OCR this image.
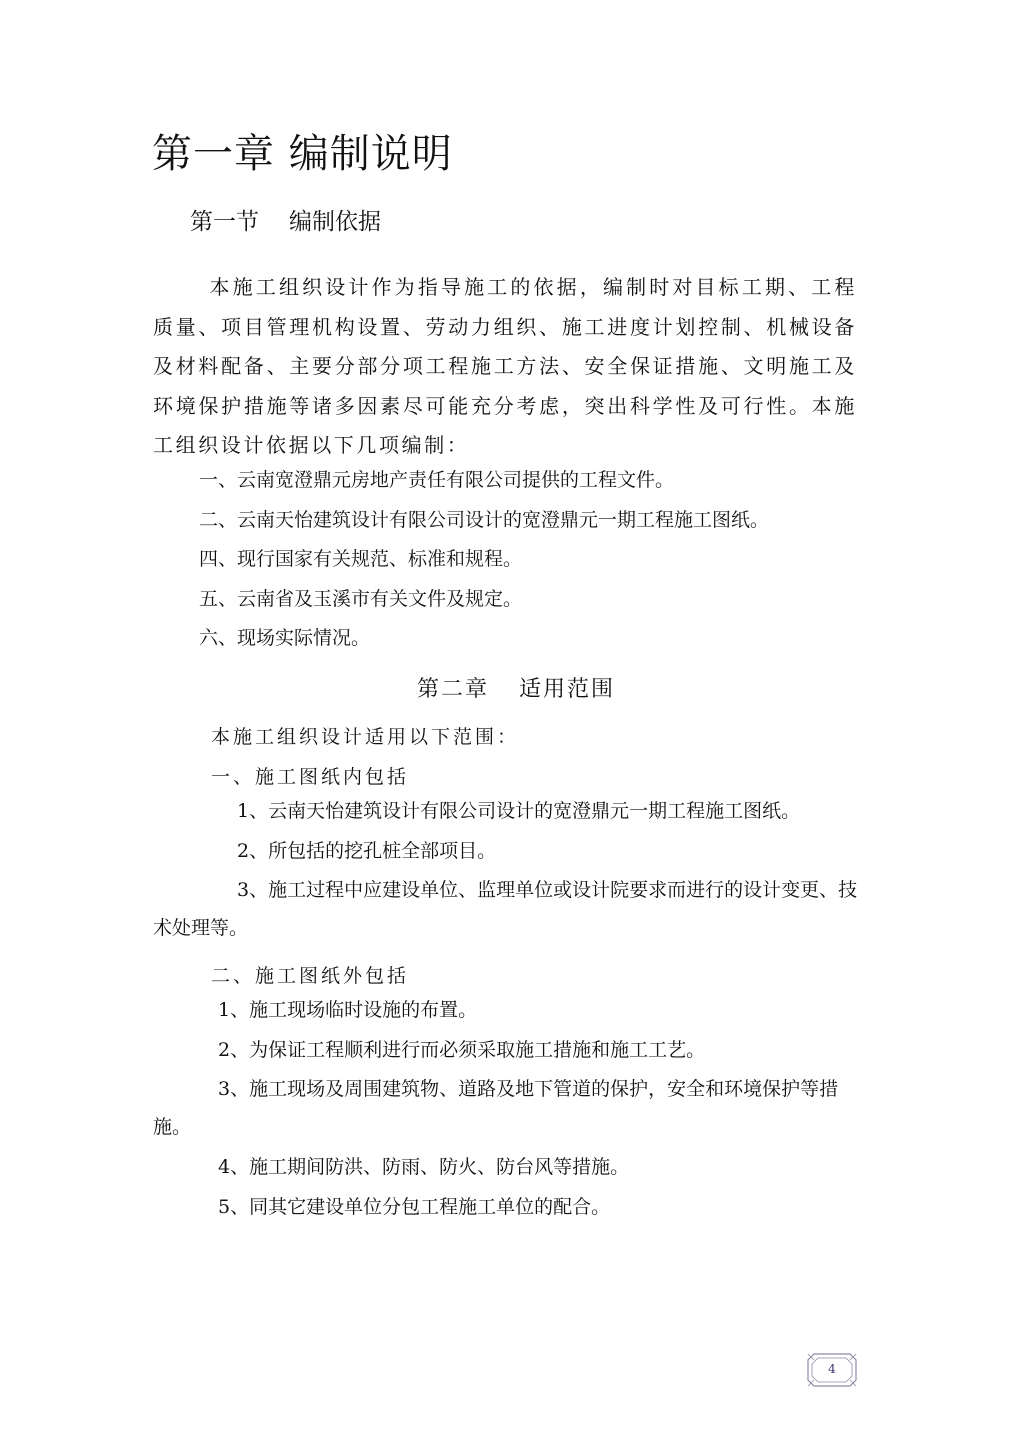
第一章 编制说明
第一节 编制依据

本施工组织设计作为指导施工的依据，编制时对目标工期、工程质量、项目管理机构设置、劳动力组织、施工进度计划控制、机械设备及材料配备、主要分部分项工程施工方法、安全保证措施、文明施工及环境保护措施等诸多因素尽可能充分考虑，突出科学性及可行性。本施工组织设计依据以下几项编制：

一、云南宽澄鼎元房地产责任有限公司提供的工程文件。

二、云南天怡建筑设计有限公司设计的宽澄鼎元一期工程施工图纸。

四、现行国家有关规范、标准和规程。

五、云南省及玉溪市有关文件及规定。

六、现场实际情况。

第二章 适用范围

本施工组织设计适用以下范围：

一、施工图纸内包括

1、云南天怡建筑设计有限公司设计的宽澄鼎元一期工程施工图纸。

2、所包括的挖孔桩全部项目。

3、施工过程中应建设单位、监理单位或设计院要求而进行的设计变更、技术处理等。

二、施工图纸外包括

1、施工现场临时设施的布置。

2、为保证工程顺利进行而必须采取施工措施和施工工艺。

3、施工现场及周围建筑物、道路及地下管道的保护，安全和环境保护等措施。

4、施工期间防洪、防雨、防火、防台风等措施。

5、同其它建设单位分包工程施工单位的配合。

4
